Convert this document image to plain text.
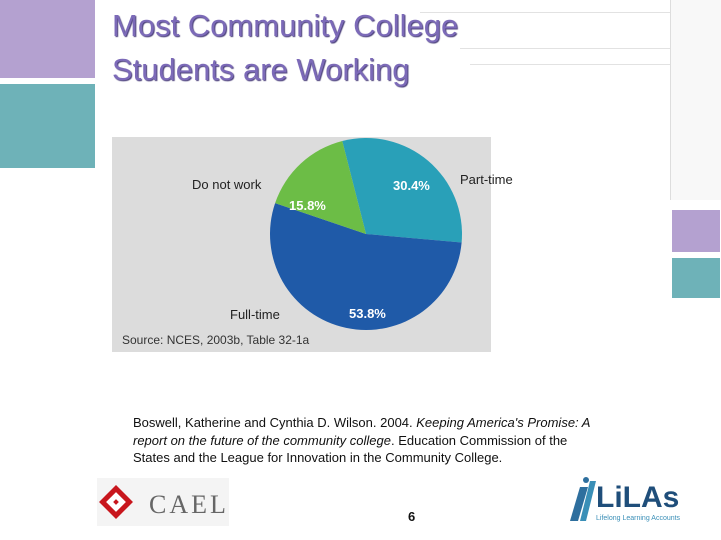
Most Community College
Students are Working
30.4%
53.8%
15.8%
Part-time
Full-time
Do not work
Source: NCES, 2003b, Table 32-1a
Boswell, Katherine and Cynthia D. Wilson. 2004. Keeping America's Promise: A report on the future of the community college. Education Commission of the States and the League for Innovation in the Community College.
CAEL	6
LiLAs
Lifelong Learning Accounts
